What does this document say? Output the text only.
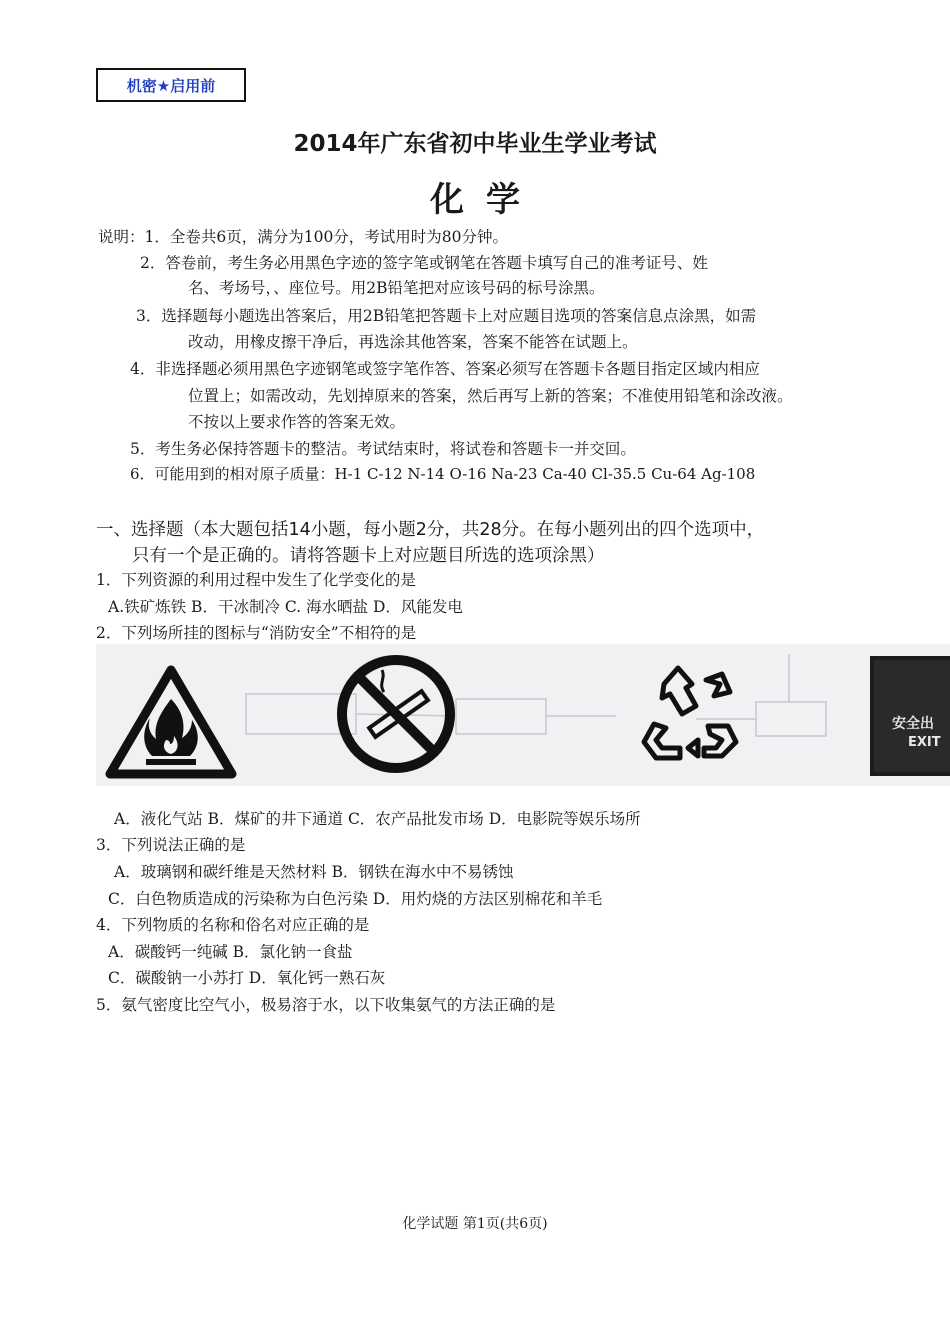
机密★启用前
2014年广东省初中毕业生学业考试
化学
说明：1．全卷共6页，满分为100分，考试用时为80分钟。
2．答卷前，考生务必用黑色字迹的签字笔或钢笔在答题卡填写自己的准考证号、姓
名、考场号，、座位号。用2B铅笔把对应该号码的标号涂黑。
3．选择题每小题选出答案后，用2B铅笔把答题卡上对应题目选项的答案信息点涂黑，如需
改动，用橡皮擦干净后，再选涂其他答案，答案不能答在试题上。
4．非选择题必须用黑色字迹钢笔或签字笔作答、答案必须写在答题卡各题目指定区域内相应
位置上；如需改动，先划掉原来的答案，然后再写上新的答案；不准使用铅笔和涂改液。
不按以上要求作答的答案无效。
5．考生务必保持答题卡的整洁。考试结束时，将试卷和答题卡一并交回。
6．可能用到的相对原子质量：H-1 C-12 N-14 O-16 Na-23 Ca-40 Cl-35.5 Cu-64 Ag-108
一、选择题（本大题包括14小题，每小题2分，共28分。在每小题列出的四个选项中，
只有一个是正确的。请将答题卡上对应题目所选的选项涂黑）
1．下列资源的利用过程中发生了化学变化的是
A.铁矿炼铁 B．干冰制冷 C. 海水晒盐 D．风能发电
2．下列场所挂的图标与“消防安全”不相符的是
安全出
EXIT
A．液化气站 B．煤矿的井下通道 C．农产品批发市场 D．电影院等娱乐场所
3．下列说法正确的是
A．玻璃钢和碳纤维是天然材料 B．钢铁在海水中不易锈蚀
C．白色物质造成的污染称为白色污染 D．用灼烧的方法区别棉花和羊毛
4．下列物质的名称和俗名对应正确的是
A．碳酸钙一纯碱 B．氯化钠一食盐
C．碳酸钠一小苏打 D．氧化钙一熟石灰
5．氨气密度比空气小，极易溶于水，以下收集氨气的方法正确的是
化学试题 第1页(共6页)
